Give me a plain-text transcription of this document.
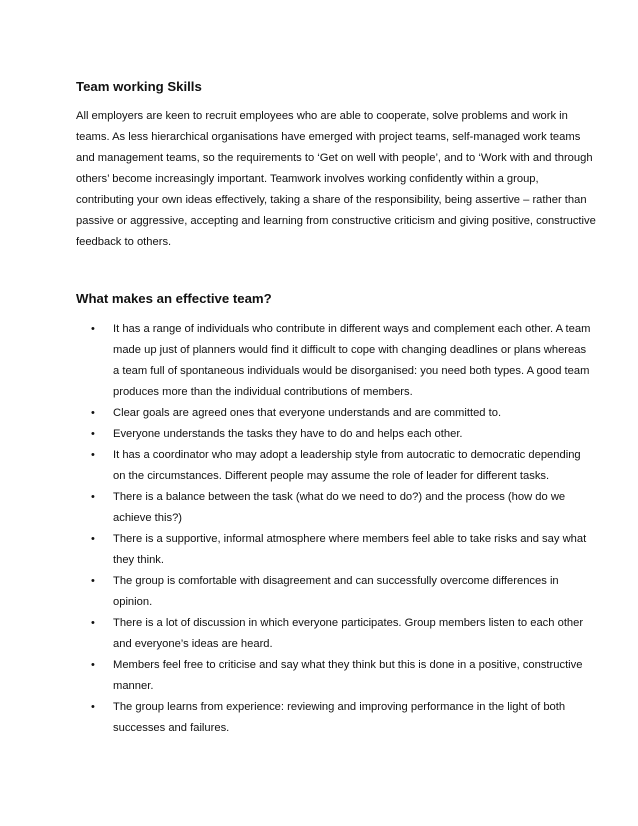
Team working Skills

All employers are keen to recruit employees who are able to cooperate, solve problems and work in
teams. As less hierarchical organisations have emerged with project teams, self-managed work teams
and management teams, so the requirements to ‘Get on well with people’, and to ‘Work with and through
others’ become increasingly important. Teamwork involves working confidently within a group,
contributing your own ideas effectively, taking a share of the responsibility, being assertive – rather than
passive or aggressive, accepting and learning from constructive criticism and giving positive, constructive
feedback to others.

What makes an effective team?
• It has a range of individuals who contribute in different ways and complement each other. A team
made up just of planners would find it difficult to cope with changing deadlines or plans whereas
a team full of spontaneous individuals would be disorganised: you need both types. A good team
produces more than the individual contributions of members.
• Clear goals are agreed ones that everyone understands and are committed to.
• Everyone understands the tasks they have to do and helps each other.
• It has a coordinator who may adopt a leadership style from autocratic to democratic depending
on the circumstances. Different people may assume the role of leader for different tasks.
• There is a balance between the task (what do we need to do?) and the process (how do we
achieve this?)
• There is a supportive, informal atmosphere where members feel able to take risks and say what
they think.
• The group is comfortable with disagreement and can successfully overcome differences in
opinion.
• There is a lot of discussion in which everyone participates. Group members listen to each other
and everyone’s ideas are heard.
• Members feel free to criticise and say what they think but this is done in a positive, constructive
manner.
• The group learns from experience: reviewing and improving performance in the light of both
successes and failures.
